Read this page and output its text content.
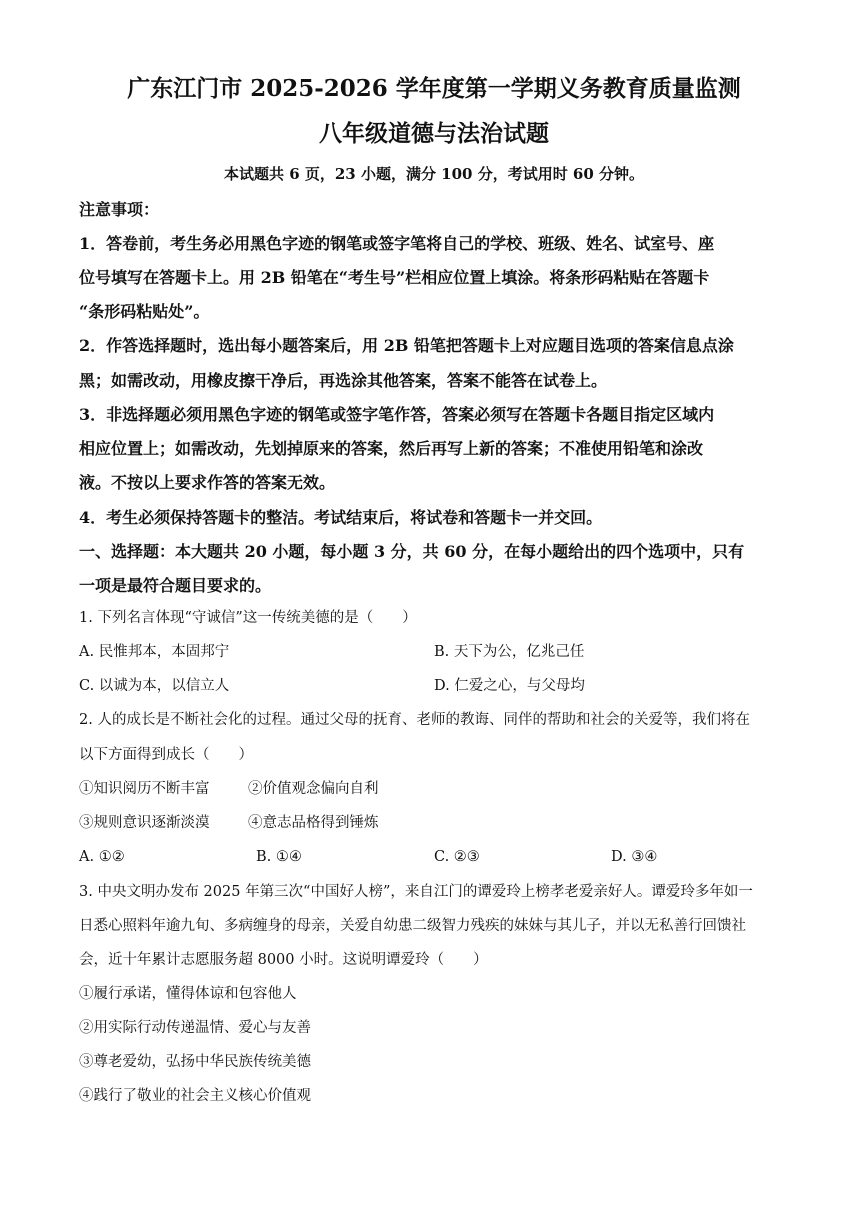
广东江门市 2025-2026 学年度第一学期义务教育质量监测
八年级道德与法治试题
本试题共 6 页，23 小题，满分 100 分，考试用时 60 分钟。
注意事项：
1．答卷前，考生务必用黑色字迹的钢笔或签字笔将自己的学校、班级、姓名、试室号、座
位号填写在答题卡上。用 2B 铅笔在“考生号”栏相应位置上填涂。将条形码粘贴在答题卡
“条形码粘贴处”。
2．作答选择题时，选出每小题答案后，用 2B 铅笔把答题卡上对应题目选项的答案信息点涂
黑；如需改动，用橡皮擦干净后，再选涂其他答案，答案不能答在试卷上。
3．非选择题必须用黑色字迹的钢笔或签字笔作答，答案必须写在答题卡各题目指定区域内
相应位置上；如需改动，先划掉原来的答案，然后再写上新的答案；不准使用铅笔和涂改
液。不按以上要求作答的答案无效。
4．考生必须保持答题卡的整洁。考试结束后，将试卷和答题卡一并交回。
一、选择题：本大题共 20 小题，每小题 3 分，共 60 分，在每小题给出的四个选项中，只有
一项是最符合题目要求的。
1. 下列名言体现“守诚信”这一传统美德的是（　　）
A. 民惟邦本，本固邦宁	B. 天下为公，亿兆己任
C. 以诚为本，以信立人	D. 仁爱之心，与父母均
2. 人的成长是不断社会化的过程。通过父母的抚育、老师的教诲、同伴的帮助和社会的关爱等，我们将在
以下方面得到成长（　　）
①知识阅历不断丰富	②价值观念偏向自利
③规则意识逐渐淡漠	④意志品格得到锤炼
A. ①②	B. ①④	C. ②③	D. ③④
3. 中央文明办发布 2025 年第三次“中国好人榜”，来自江门的谭爱玲上榜孝老爱亲好人。谭爱玲多年如一
日悉心照料年逾九旬、多病缠身的母亲，关爱自幼患二级智力残疾的妹妹与其儿子，并以无私善行回馈社
会，近十年累计志愿服务超 8000 小时。这说明谭爱玲（　　）
①履行承诺，懂得体谅和包容他人
②用实际行动传递温情、爱心与友善
③尊老爱幼，弘扬中华民族传统美德
④践行了敬业的社会主义核心价值观
